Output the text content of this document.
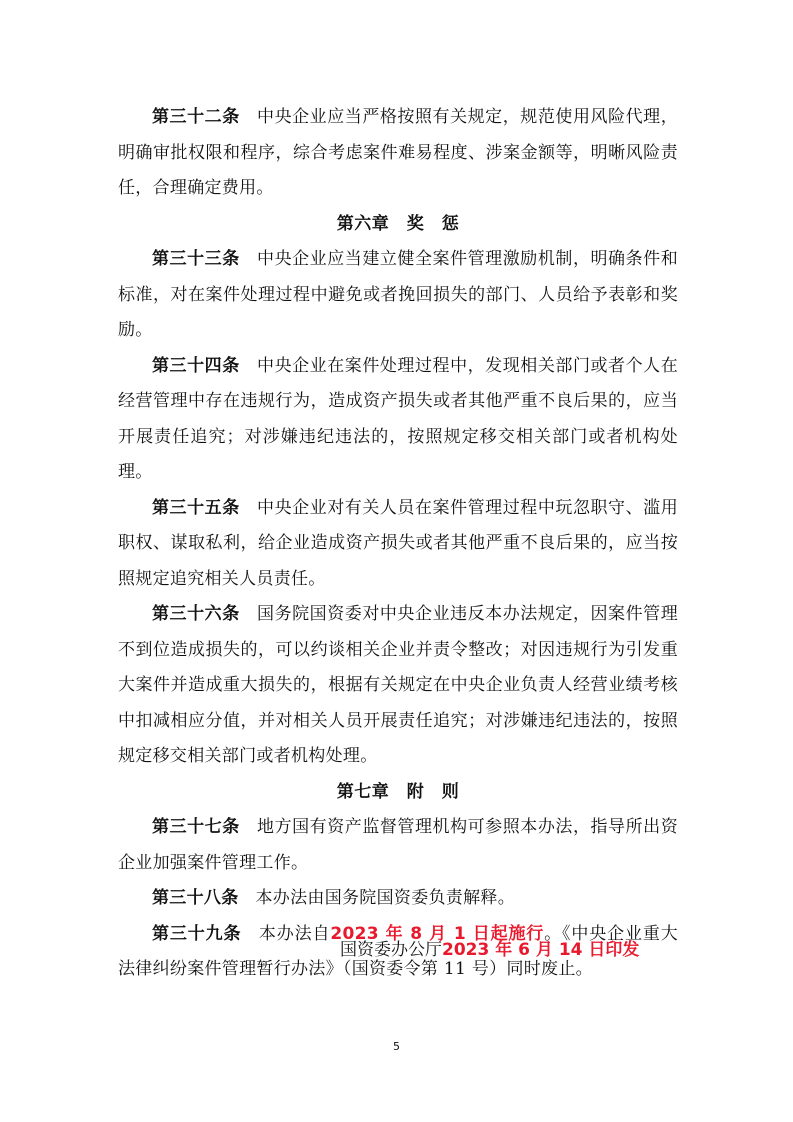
第三十二条 中央企业应当严格按照有关规定，规范使用风险代理，明确审批权限和程序，综合考虑案件难易程度、涉案金额等，明晰风险责任，合理确定费用。

第六章　奖　惩

第三十三条 中央企业应当建立健全案件管理激励机制，明确条件和标准，对在案件处理过程中避免或者挽回损失的部门、人员给予表彰和奖励。

第三十四条 中央企业在案件处理过程中，发现相关部门或者个人在经营管理中存在违规行为，造成资产损失或者其他严重不良后果的，应当开展责任追究；对涉嫌违纪违法的，按照规定移交相关部门或者机构处理。

第三十五条 中央企业对有关人员在案件管理过程中玩忽职守、滥用职权、谋取私利，给企业造成资产损失或者其他严重不良后果的，应当按照规定追究相关人员责任。

第三十六条 国务院国资委对中央企业违反本办法规定，因案件管理不到位造成损失的，可以约谈相关企业并责令整改；对因违规行为引发重大案件并造成重大损失的，根据有关规定在中央企业负责人经营业绩考核中扣减相应分值，并对相关人员开展责任追究；对涉嫌违纪违法的，按照规定移交相关部门或者机构处理。

第七章　附　则

第三十七条 地方国有资产监督管理机构可参照本办法，指导所出资企业加强案件管理工作。

第三十八条 本办法由国务院国资委负责解释。

第三十九条 本办法自2023 年 8 月 1 日起施行。《中央企业重大法律纠纷案件管理暂行办法》（国资委令第 11 号）同时废止。

国资委办公厅2023 年 6 月 14 日印发
5
